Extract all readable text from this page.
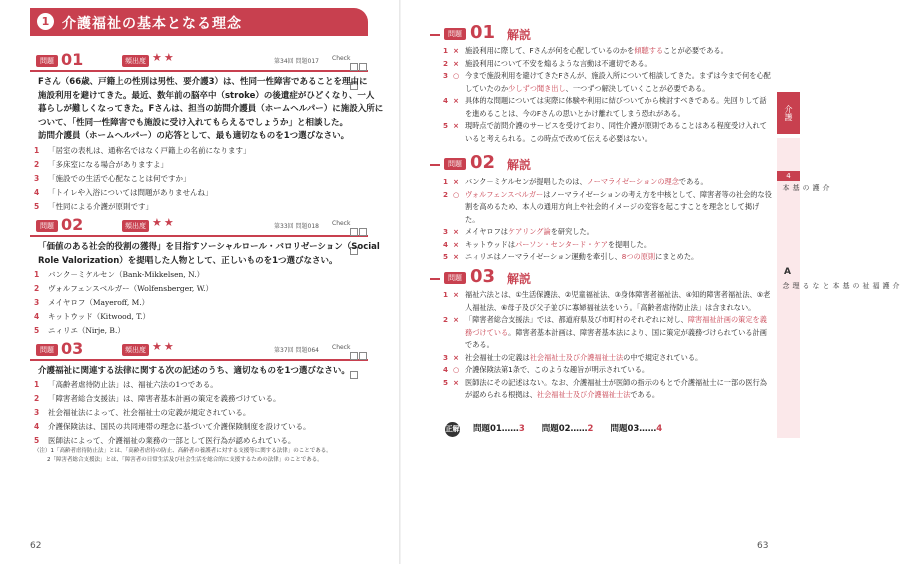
1 介護福祉の基本となる理念
問題 01	頻出度 ★★	第34回 問題017 Check
Fさん（66歳、戸籍上の性別は男性、要介護3）は、性同一性障害であることを理由に
施設利用を避けてきた。最近、数年前の脳卒中（stroke）の後遺症がひどくなり、一人
暮らしが難しくなってきた。Fさんは、担当の訪問介護員（ホームヘルパー）に施設入所に
ついて、「性同一性障害でも施設に受け入れてもらえるでしょうか」と相談した。
訪問介護員（ホームヘルパー）の応答として、最も適切なものを1つ選びなさい。
1 「居室の表札は、通称名ではなく戸籍上の名前になります」
2 「多床室になる場合がありますよ」
3 「施設での生活で心配なことは何ですか」
4 「トイレや入浴については問題がありませんね」
5 「性同による介護が原則です」
問題 02	頻出度 ★★	第33回 問題018 Check
「価値のある社会的役割の獲得」を目指すソーシャルロール・バロリゼーション（Social
Role Valorization）を提唱した人物として、正しいものを1つ選びなさい。
1 バンク－ミケルセン（Bank-Mikkelsen, N.）
2 ヴォルフェンスベルガー（Wolfensberger, W.）
3 メイヤロフ（Mayeroff, M.）
4 キットウッド（Kitwood, T.）
5 ニィリエ（Nirje, B.）
問題 03	頻出度 ★★	第37回 問題064 Check
介護福祉に関連する法律に関する次の記述のうち、適切なものを1つ選びなさい。
1 「高齢者虐待防止法」は、福祉六法の1つである。
2 「障害者総合支援法」は、障害者基本計画の策定を義務づけている。
3 社会福祉法によって、社会福祉士の定義が規定されている。
4 介護保険法は、国民の共同連帯の理念に基づいて介護保険制度を設けている。
5 医師法によって、介護福祉の業務の一部として医行為が認められている。
（注）1「高齢者虐待防止法」とは、「高齢者虐待の防止、高齢者の養護者に対する支援等に関する法律」のことである。
2「障害者総合支援法」とは、「障害者の日常生活及び社会生活を総合的に支援するための法律」のことである。
62
問題 01 解説
1 × 施設利用に際して、Fさんが何を心配しているのかを傾聴することが必要である。
2 × 施設利用について不安を煽るような言動は不適切である。
3 ○ 今まで施設利用を避けてきたFさんが、施設入所について相談してきた。まずは今まで何を心配していたのか少しずつ聞き出し、一つずつ解決していくことが必要である。
4 × 具体的な問題については実際に体験や利用に結びついてから検討すべきである。先回りして話を進めることは、今のFさんの思いとかけ離れてしまう恐れがある。
5 × 現時点で訪問介護のサービスを受けており、同性介護が原則であることはある程度受け入れていると考えられる。この時点で改めて伝える必要はない。
問題 02 解説
1 × バンク－ミケルセンが提唱したのは、ノーマライゼーションの理念である。
2 ○ ヴォルフェンスベルガーはノーマライゼーションの考え方を中核として、障害者等の社会的な役割を高めるため、本人の通用方向上や社会的イメージの変容を起こすことを理念として掲げた。
3 × メイヤロフはケアリング論を研究した。
4 × キットウッドはパーソン・センタード・ケアを提唱した。
5 × ニィリエはノーマライゼーション運動を牽引し、8つの原則にまとめた。
問題 03 解説
1 × 福祉六法とは、①生活保護法、②児童福祉法、③身体障害者福祉法、④知的障害者福祉法、⑤老人福祉法、⑥母子及び父子並びに寡婦福祉法をいう。「高齢者虐待防止法」は含まれない。
2 × 「障害者総合支援法」では、都道府県及び市町村のそれぞれに対し、障害福祉計画の策定を義務づけている。障害者基本計画は、障害者基本法により、国に策定が義務づけられている計画である。
3 × 社会福祉士の定義は社会福祉士及び介護福祉士法の中で規定されている。
4 ○ 介護保険法第1条で、このような趣旨が明示されている。
5 × 医師法にその記述はない。なお、介護福祉士が医師の指示のもとで介護福祉士に一部の医行為が認められる根拠は、社会福祉士及び介護福祉士法である。
正解 問題01……3 問題02……2 問題03……4
介護
4
介護の基本
A
介護福祉の基本となる理念
63
